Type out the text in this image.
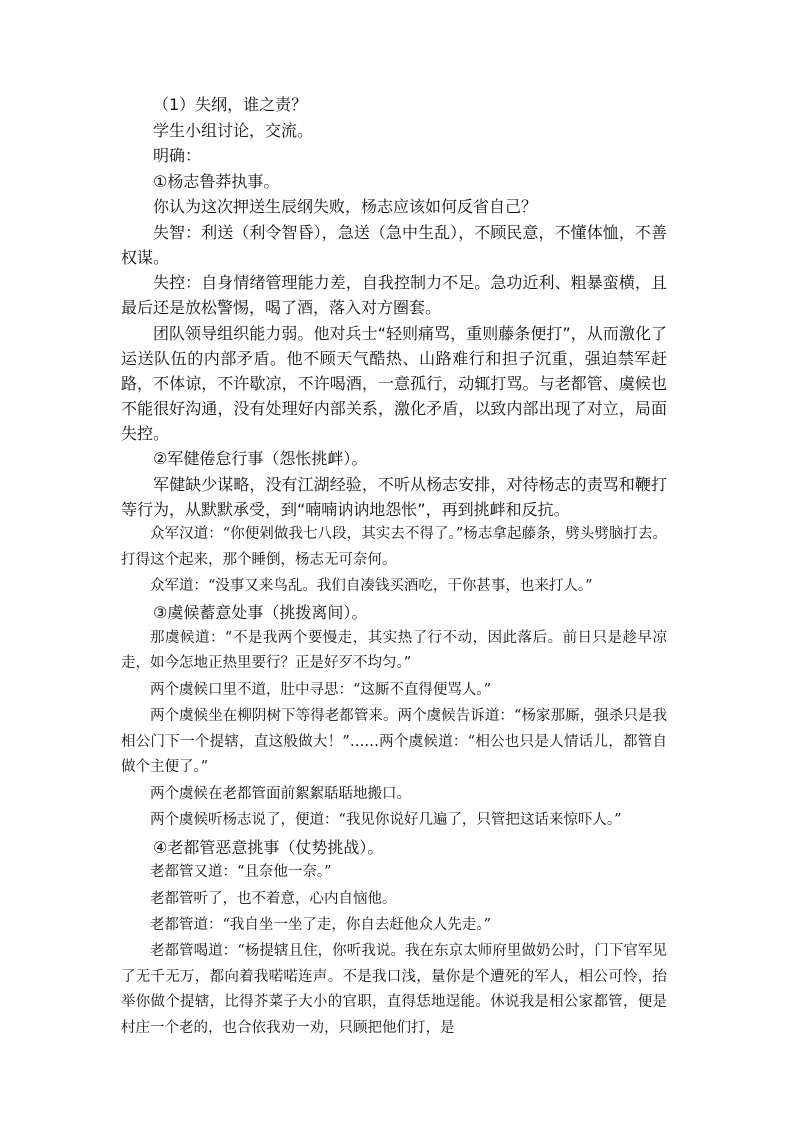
（1）失纲，谁之责？

学生小组讨论，交流。

明确：

①杨志鲁莽执事。

你认为这次押送生辰纲失败，杨志应该如何反省自己？

失智：利送（利令智昏），急送（急中生乱），不顾民意，不懂体恤，不善权谋。

失控：自身情绪管理能力差，自我控制力不足。急功近利、粗暴蛮横，且最后还是放松警惕，喝了酒，落入对方圈套。

团队领导组织能力弱。他对兵士“轻则痛骂，重则藤条便打”，从而激化了运送队伍的内部矛盾。他不顾天气酷热、山路难行和担子沉重，强迫禁军赶路，不体谅，不许歇凉，不许喝酒，一意孤行，动辄打骂。与老都管、虞候也不能很好沟通，没有处理好内部关系，激化矛盾，以致内部出现了对立，局面失控。

②军健倦怠行事（怨怅挑衅）。

军健缺少谋略，没有江湖经验，不听从杨志安排，对待杨志的责骂和鞭打等行为，从默默承受，到“喃喃讷讷地怨怅”，再到挑衅和反抗。

众军汉道：“你便剁做我七八段，其实去不得了。”杨志拿起藤条，劈头劈脑打去。打得这个起来，那个睡倒，杨志无可奈何。

众军道：“没事又来鸟乱。我们自凑钱买酒吃，干你甚事，也来打人。”

③虞候蓄意处事（挑拨离间）。

那虞候道：“不是我两个要慢走，其实热了行不动，因此落后。前日只是趁早凉走，如今怎地正热里要行？正是好歹不均匀。”

两个虞候口里不道，肚中寻思：“这厮不直得便骂人。”

两个虞候坐在柳阴树下等得老都管来。两个虞候告诉道：“杨家那厮，强杀只是我相公门下一个提辖，直这般做大！”……两个虞候道：“相公也只是人情话儿，都管自做个主便了。”

两个虞候在老都管面前絮絮聒聒地搬口。

两个虞候听杨志说了，便道：“我见你说好几遍了，只管把这话来惊吓人。”

④老都管恶意挑事（仗势挑战）。

老都管又道：“且奈他一奈。”

老都管听了，也不着意，心内自恼他。

老都管道：“我自坐一坐了走，你自去赶他众人先走。”

老都管喝道：“杨提辖且住，你听我说。我在东京太师府里做奶公时，门下官军见了无千无万，都向着我喏喏连声。不是我口浅，量你是个遭死的军人，相公可怜，抬举你做个提辖，比得芥菜子大小的官职，直得恁地逞能。休说我是相公家都管，便是村庄一个老的，也合依我劝一劝，只顾把他们打，是
